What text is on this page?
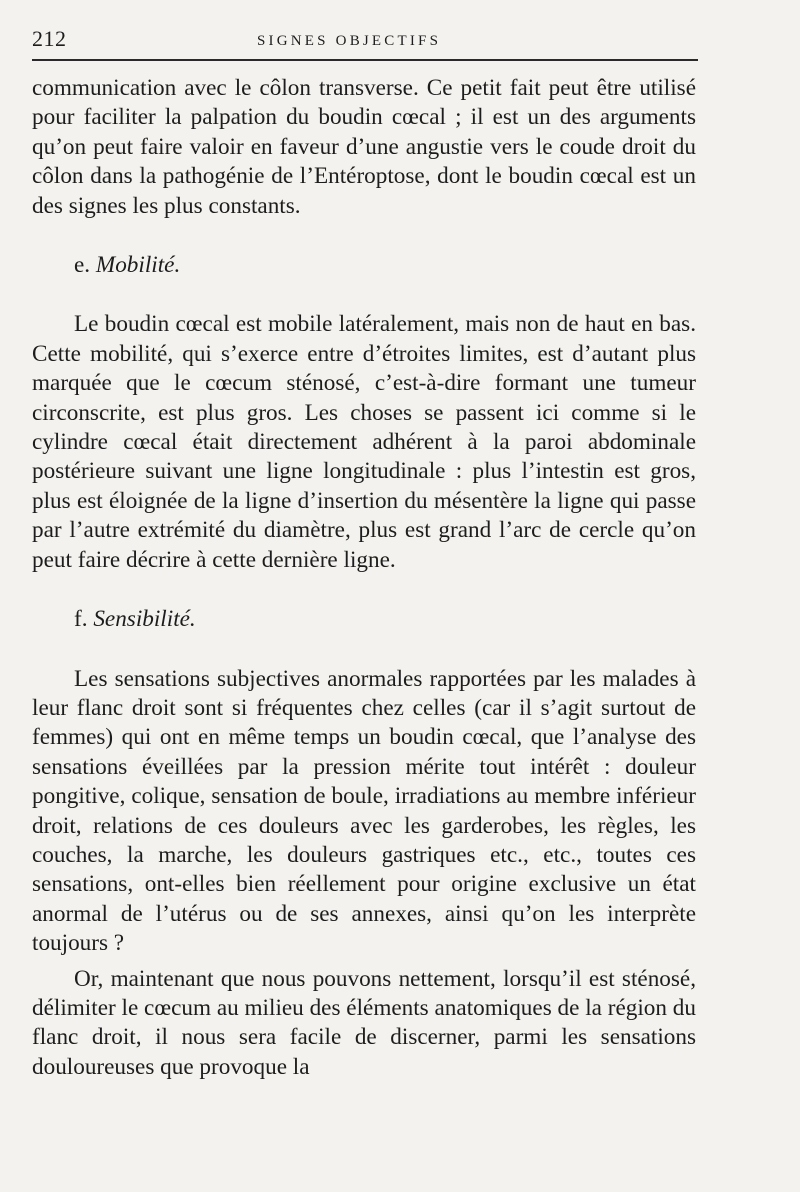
212	SIGNES OBJECTIFS

communication avec le côlon transverse. Ce petit fait peut être utilisé pour faciliter la palpation du boudin cœcal ; il est un des arguments qu’on peut faire valoir en faveur d’une angustie vers le coude droit du côlon dans la pathogénie de l’Entéroptose, dont le boudin cœcal est un des signes les plus constants.

e. Mobilité.

Le boudin cœcal est mobile latéralement, mais non de haut en bas. Cette mobilité, qui s’exerce entre d’étroites limites, est d’autant plus marquée que le cœcum sténosé, c’est-à-dire formant une tumeur circonscrite, est plus gros. Les choses se passent ici comme si le cylindre cœcal était directement adhérent à la paroi abdominale postérieure suivant une ligne longitudinale : plus l’intestin est gros, plus est éloignée de la ligne d’insertion du mésentère la ligne qui passe par l’autre extrémité du diamètre, plus est grand l’arc de cercle qu’on peut faire décrire à cette dernière ligne.

f. Sensibilité.

Les sensations subjectives anormales rapportées par les malades à leur flanc droit sont si fréquentes chez celles (car il s’agit surtout de femmes) qui ont en même temps un boudin cœcal, que l’analyse des sensations éveillées par la pression mérite tout intérêt : douleur pongitive, colique, sensation de boule, irradiations au membre inférieur droit, relations de ces douleurs avec les garderobes, les règles, les couches, la marche, les douleurs gastriques etc., etc., toutes ces sensations, ont-elles bien réellement pour origine exclusive un état anormal de l’utérus ou de ses annexes, ainsi qu’on les interprète toujours ?

Or, maintenant que nous pouvons nettement, lorsqu’il est sténosé, délimiter le cœcum au milieu des éléments anatomiques de la région du flanc droit, il nous sera facile de discerner, parmi les sensations douloureuses que provoque la
